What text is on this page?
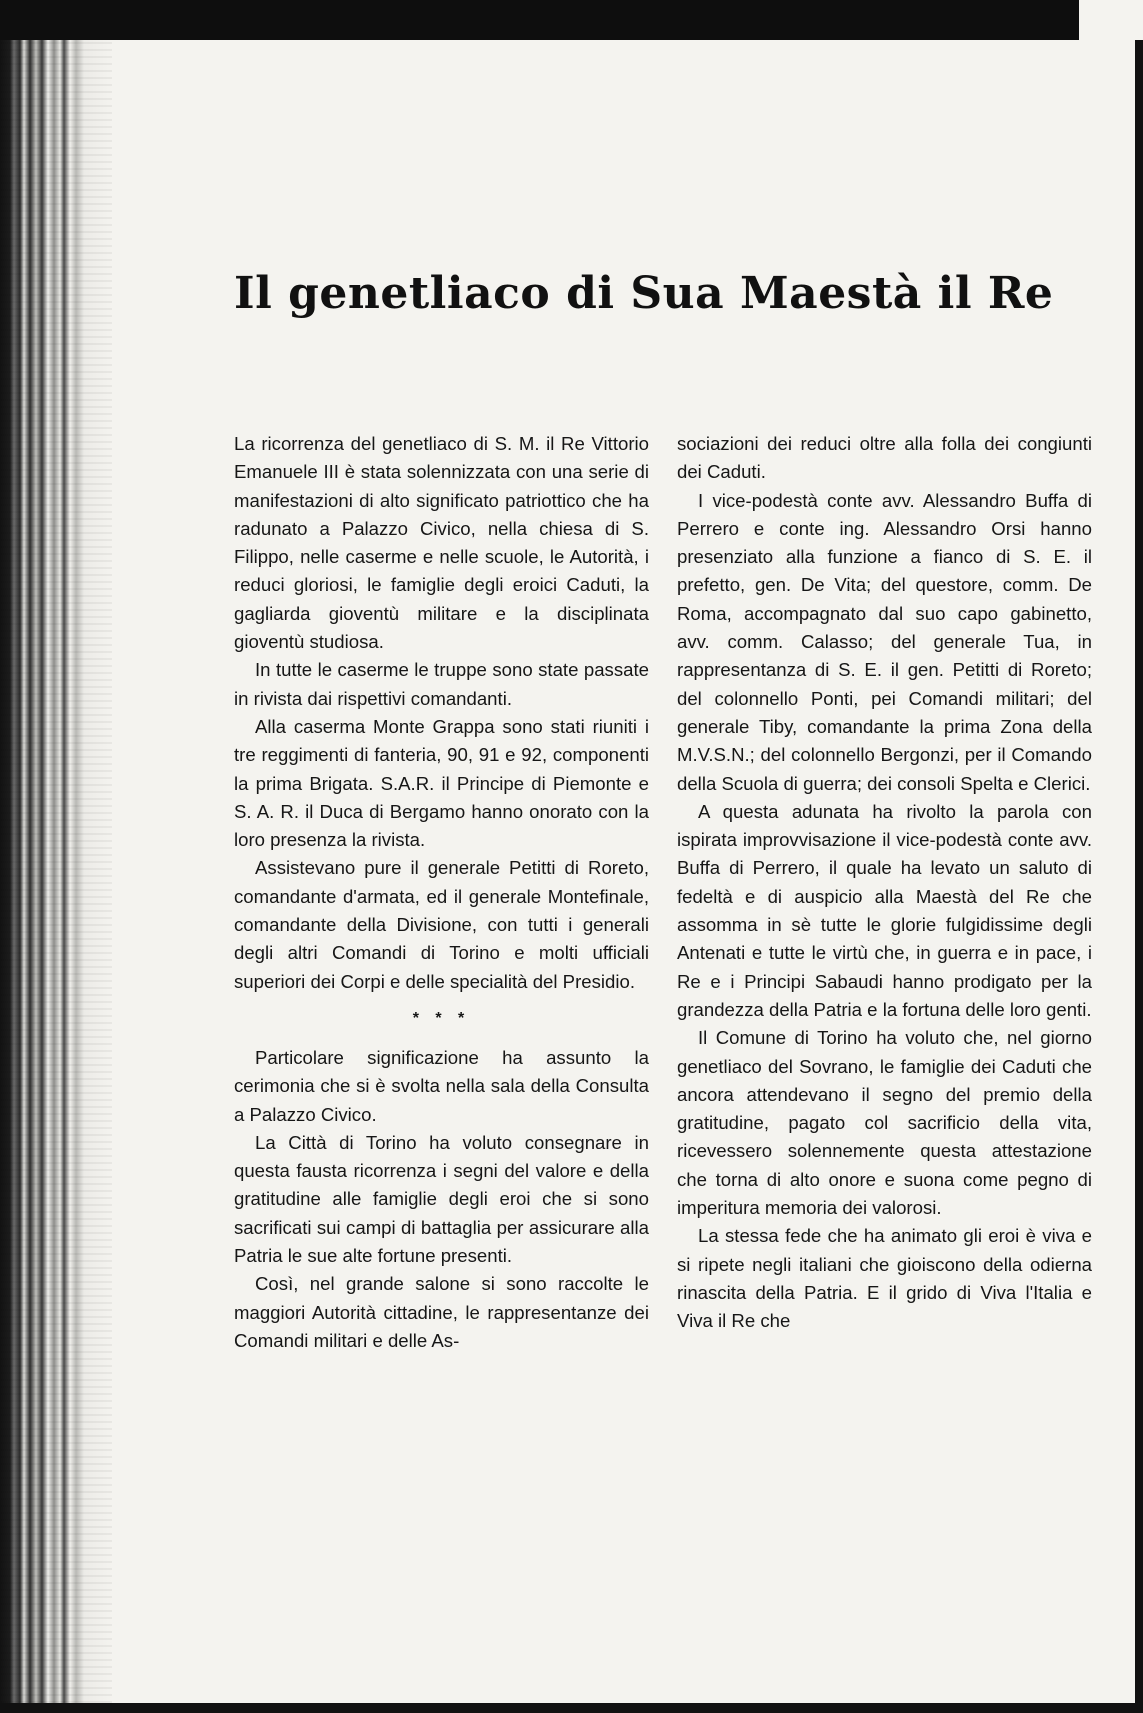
Il genetliaco di Sua Maestà il Re

La ricorrenza del genetliaco di S. M. il Re Vittorio Emanuele III è stata solennizzata con una serie di manifestazioni di alto significato patriottico che ha radunato a Palazzo Civico, nella chiesa di S. Filippo, nelle caserme e nelle scuole, le Autorità, i reduci gloriosi, le famiglie degli eroici Caduti, la gagliarda gioventù militare e la disciplinata gioventù studiosa.

In tutte le caserme le truppe sono state passate in rivista dai rispettivi comandanti.

Alla caserma Monte Grappa sono stati riuniti i tre reggimenti di fanteria, 90, 91 e 92, componenti la prima Brigata. S.A.R. il Principe di Piemonte e S. A. R. il Duca di Bergamo hanno onorato con la loro presenza la rivista.

Assistevano pure il generale Petitti di Roreto, comandante d'armata, ed il generale Montefinale, comandante della Divisione, con tutti i generali degli altri Comandi di Torino e molti ufficiali superiori dei Corpi e delle specialità del Presidio.

* * *

Particolare significazione ha assunto la cerimonia che si è svolta nella sala della Consulta a Palazzo Civico.

La Città di Torino ha voluto consegnare in questa fausta ricorrenza i segni del valore e della gratitudine alle famiglie degli eroi che si sono sacrificati sui campi di battaglia per assicurare alla Patria le sue alte fortune presenti.

Così, nel grande salone si sono raccolte le maggiori Autorità cittadine, le rappresentanze dei Comandi militari e delle As-

sociazioni dei reduci oltre alla folla dei congiunti dei Caduti.

I vice-podestà conte avv. Alessandro Buffa di Perrero e conte ing. Alessandro Orsi hanno presenziato alla funzione a fianco di S. E. il prefetto, gen. De Vita; del questore, comm. De Roma, accompagnato dal suo capo gabinetto, avv. comm. Calasso; del generale Tua, in rappresentanza di S. E. il gen. Petitti di Roreto; del colonnello Ponti, pei Comandi militari; del generale Tiby, comandante la prima Zona della M.V.S.N.; del colonnello Bergonzi, per il Comando della Scuola di guerra; dei consoli Spelta e Clerici.

A questa adunata ha rivolto la parola con ispirata improvvisazione il vice-podestà conte avv. Buffa di Perrero, il quale ha levato un saluto di fedeltà e di auspicio alla Maestà del Re che assomma in sè tutte le glorie fulgidissime degli Antenati e tutte le virtù che, in guerra e in pace, i Re e i Principi Sabaudi hanno prodigato per la grandezza della Patria e la fortuna delle loro genti.

Il Comune di Torino ha voluto che, nel giorno genetliaco del Sovrano, le famiglie dei Caduti che ancora attendevano il segno del premio della gratitudine, pagato col sacrificio della vita, ricevessero solennemente questa attestazione che torna di alto onore e suona come pegno di imperitura memoria dei valorosi.

La stessa fede che ha animato gli eroi è viva e si ripete negli italiani che gioiscono della odierna rinascita della Patria. E il grido di Viva l'Italia e Viva il Re che
